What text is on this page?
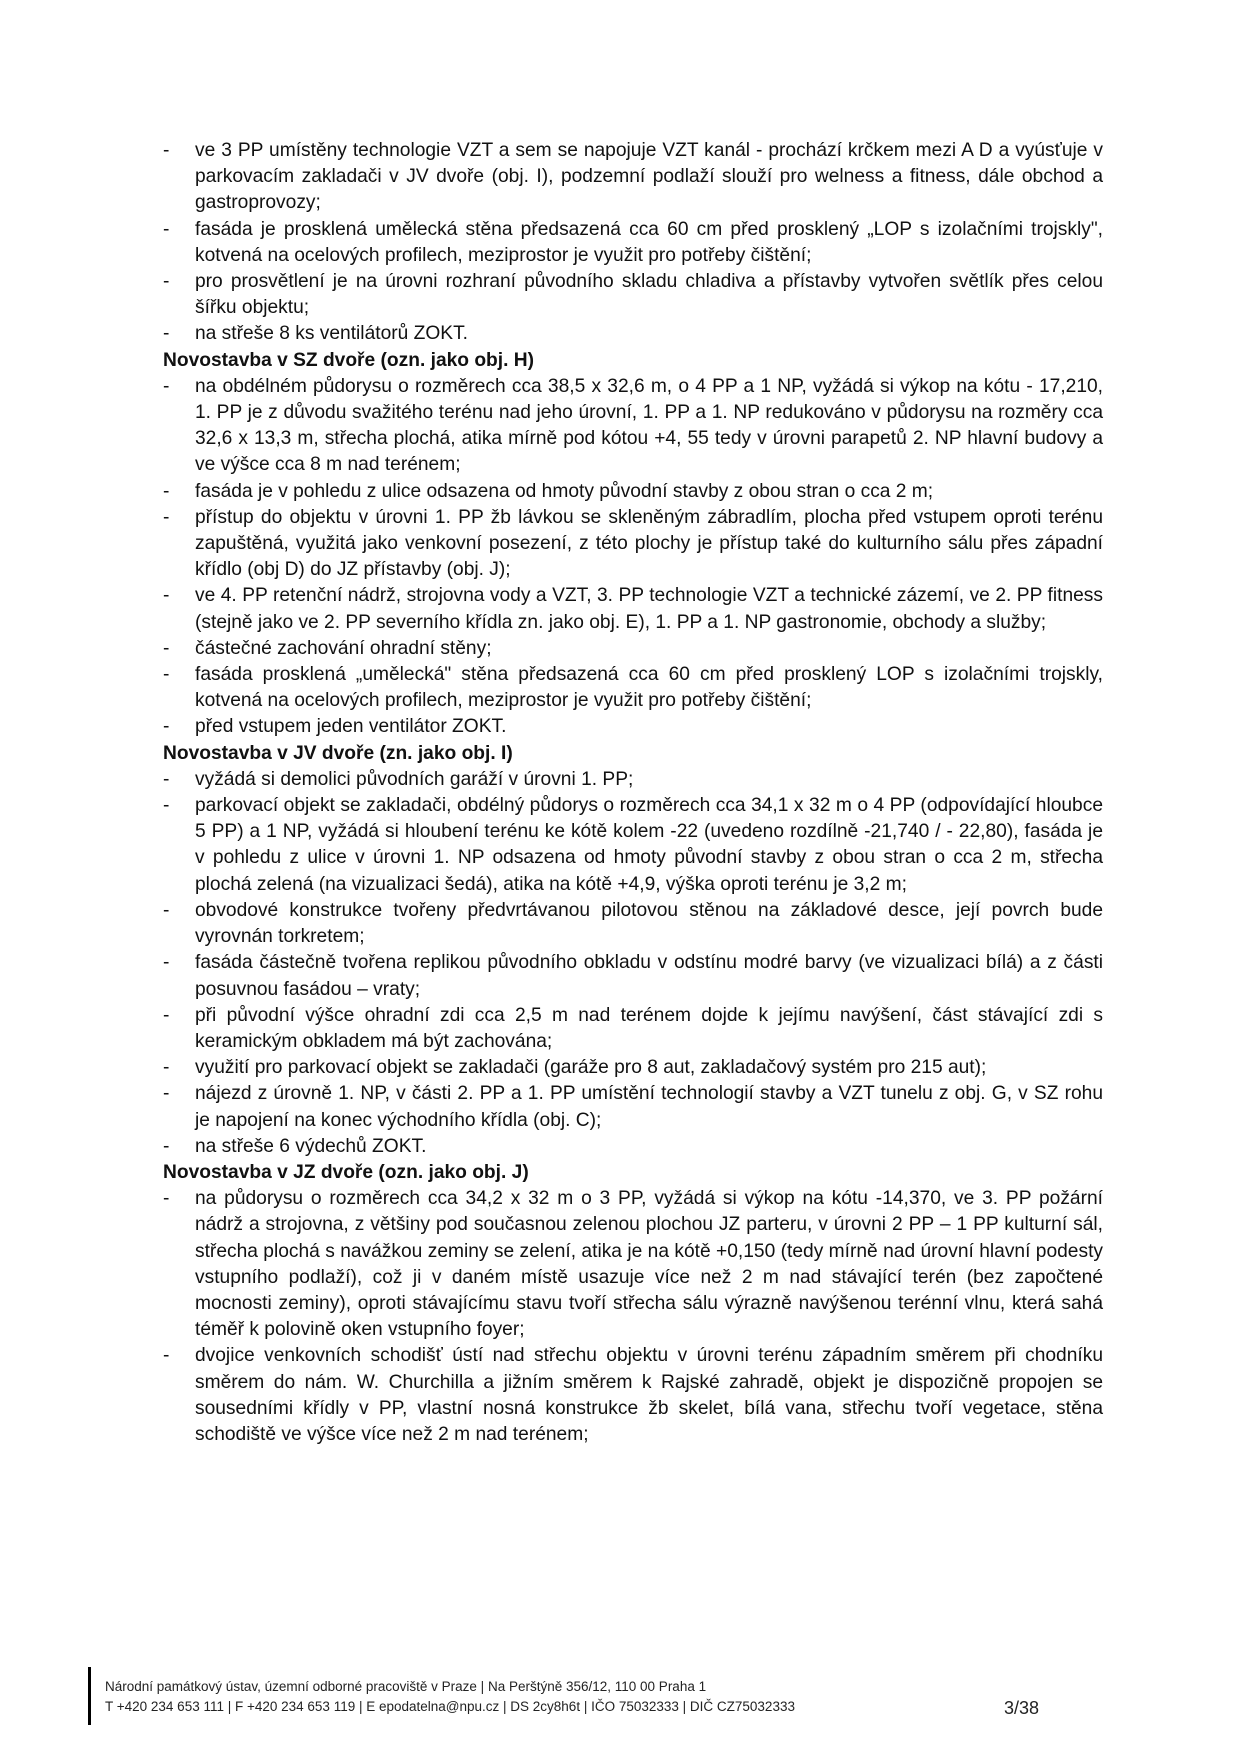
- ve 3 PP umístěny technologie VZT a sem se napojuje VZT kanál - prochází krčkem mezi A D a vyúsťuje v parkovacím zakladači v JV dvoře (obj. I), podzemní podlaží slouží pro welness a fitness, dále obchod a gastroprovozy;

- fasáda je prosklená umělecká stěna předsazená cca 60 cm před prosklený „LOP s izolačními trojskly", kotvená na ocelových profilech, meziprostor je využit pro potřeby čištění;

- pro prosvětlení je na úrovni rozhraní původního skladu chladiva a přístavby vytvořen světlík přes celou šířku objektu;

- na střeše 8 ks ventilátorů ZOKT.

Novostavba v SZ dvoře (ozn. jako obj. H)

- na obdélném půdorysu o rozměrech cca 38,5 x 32,6 m, o 4 PP a 1 NP, vyžádá si výkop na kótu - 17,210, 1. PP je z důvodu svažitého terénu nad jeho úrovní, 1. PP a 1. NP redukováno v půdorysu na rozměry cca 32,6 x 13,3 m, střecha plochá, atika mírně pod kótou +4, 55 tedy v úrovni parapetů 2. NP hlavní budovy a ve výšce cca 8 m nad terénem;

- fasáda je v pohledu z ulice odsazena od hmoty původní stavby z obou stran o cca 2 m;

- přístup do objektu v úrovni 1. PP žb lávkou se skleněným zábradlím, plocha před vstupem oproti terénu zapuštěná, využitá jako venkovní posezení, z této plochy je přístup také do kulturního sálu přes západní křídlo (obj D) do JZ přístavby (obj. J);

- ve 4. PP retenční nádrž, strojovna vody a VZT, 3. PP technologie VZT a technické zázemí, ve 2. PP fitness (stejně jako ve 2. PP severního křídla zn. jako obj. E), 1. PP a 1. NP gastronomie, obchody a služby;

- částečné zachování ohradní stěny;

- fasáda prosklená „umělecká" stěna předsazená cca 60 cm před prosklený LOP s izolačními trojskly, kotvená na ocelových profilech, meziprostor je využit pro potřeby čištění;

- před vstupem jeden ventilátor ZOKT.

Novostavba v JV dvoře (zn. jako obj. I)

- vyžádá si demolici původních garáží v úrovni 1. PP;

- parkovací objekt se zakladači, obdélný půdorys o rozměrech cca 34,1 x 32 m o 4 PP (odpovídající hloubce 5 PP) a 1 NP, vyžádá si hloubení terénu ke kótě kolem -22 (uvedeno rozdílně -21,740 / - 22,80), fasáda je v pohledu z ulice v úrovni 1. NP odsazena od hmoty původní stavby z obou stran o cca 2 m, střecha plochá zelená (na vizualizaci šedá), atika na kótě +4,9, výška oproti terénu je 3,2 m;

- obvodové konstrukce tvořeny předvrtávanou pilotovou stěnou na základové desce, její povrch bude vyrovnán torkretem;

- fasáda částečně tvořena replikou původního obkladu v odstínu modré barvy (ve vizualizaci bílá) a z části posuvnou fasádou – vraty;

- při původní výšce ohradní zdi cca 2,5 m nad terénem dojde k jejímu navýšení, část stávající zdi s keramickým obkladem má být zachována;

- využití pro parkovací objekt se zakladači (garáže pro 8 aut, zakladačový systém pro 215 aut);

- nájezd z úrovně 1. NP, v části 2. PP a 1. PP umístění technologií stavby a VZT tunelu z obj. G, v SZ rohu je napojení na konec východního křídla (obj. C);

- na střeše 6 výdechů ZOKT.

Novostavba v JZ dvoře (ozn. jako obj. J)

- na půdorysu o rozměrech cca 34,2 x 32 m o 3 PP, vyžádá si výkop na kótu -14,370, ve 3. PP požární nádrž a strojovna, z většiny pod současnou zelenou plochou JZ parteru, v úrovni 2 PP – 1 PP kulturní sál, střecha plochá s navážkou zeminy se zelení, atika je na kótě +0,150 (tedy mírně nad úrovní hlavní podesty vstupního podlaží), což ji v daném místě usazuje více než 2 m nad stávající terén (bez započtené mocnosti zeminy), oproti stávajícímu stavu tvoří střecha sálu výrazně navýšenou terénní vlnu, která sahá téměř k polovině oken vstupního foyer;

- dvojice venkovních schodišť ústí nad střechu objektu v úrovni terénu západním směrem při chodníku směrem do nám. W. Churchilla a jižním směrem k Rajské zahradě, objekt je dispozičně propojen se sousedními křídly v PP, vlastní nosná konstrukce žb skelet, bílá vana, střechu tvoří vegetace, stěna schodiště ve výšce více než 2 m nad terénem;

Národní památkový ústav, územní odborné pracoviště v Praze | Na Perštýně 356/12, 110 00 Praha 1
T +420 234 653 111 | F +420 234 653 119 | E epodatelna@npu.cz | DS 2cy8h6t | IČO 75032333 | DIČ CZ75032333	3/38
